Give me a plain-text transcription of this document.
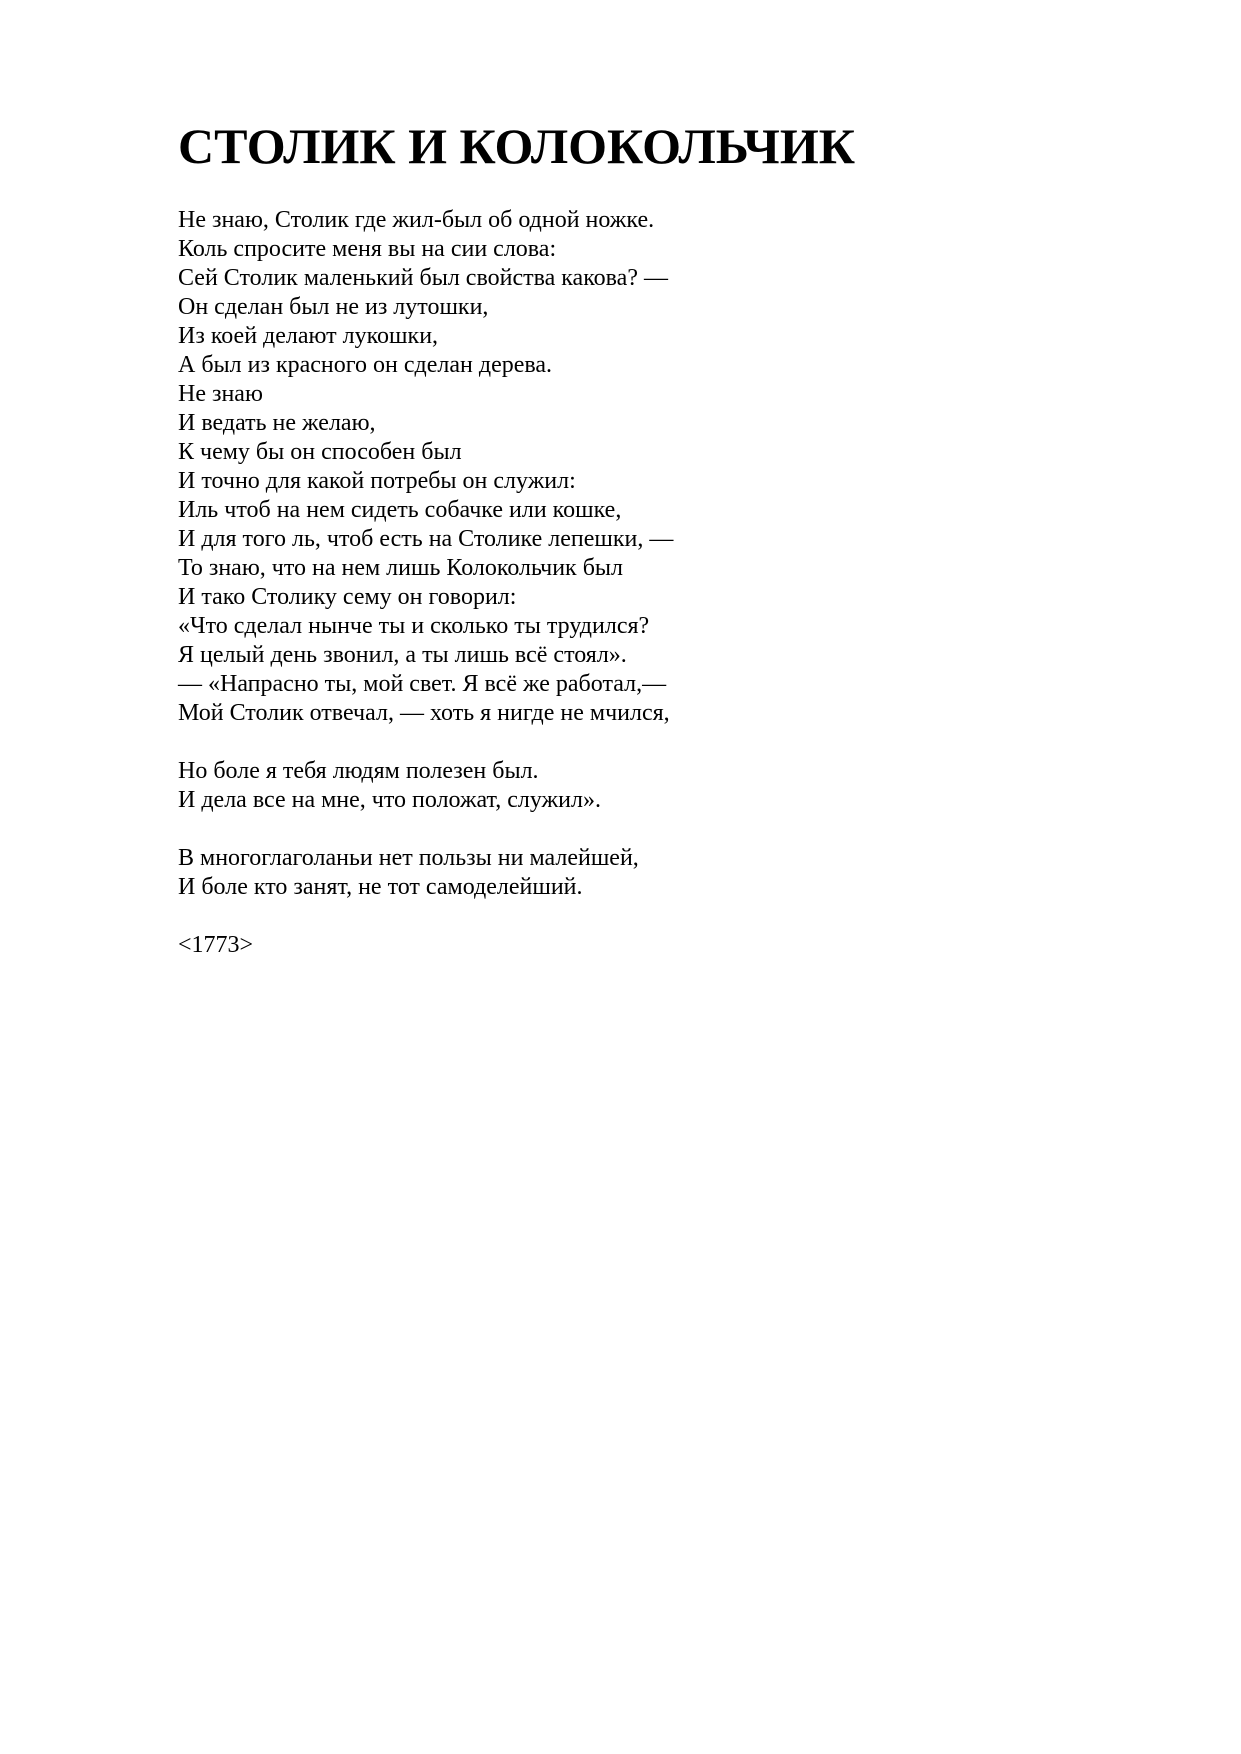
СТОЛИК И КОЛОКОЛЬЧИК
Не знаю, Столик где жил-был об одной ножке.
Коль спросите меня вы на сии слова:
Сей Столик маленький был свойства какова? —
Он сделан был не из лутошки,
Из коей делают лукошки,
А был из красного он сделан дерева.
Не знаю
И ведать не желаю,
К чему бы он способен был
И точно для какой потребы он служил:
Иль чтоб на нем сидеть собачке или кошке,
И для того ль, чтоб есть на Столике лепешки, —
То знаю, что на нем лишь Колокольчик был
И тако Столику сему он говорил:
«Что сделал нынче ты и сколько ты трудился?
Я целый день звонил, а ты лишь всё стоял».
— «Напрасно ты, мой свет. Я всё же работал,—
Мой Столик отвечал, — хоть я нигде не мчился,
Но боле я тебя людям полезен был.
И дела все на мне, что положат, служил».
В многоглаголаньи нет пользы ни малейшей,
И боле кто занят, не тот самоделейший.
<1773>
